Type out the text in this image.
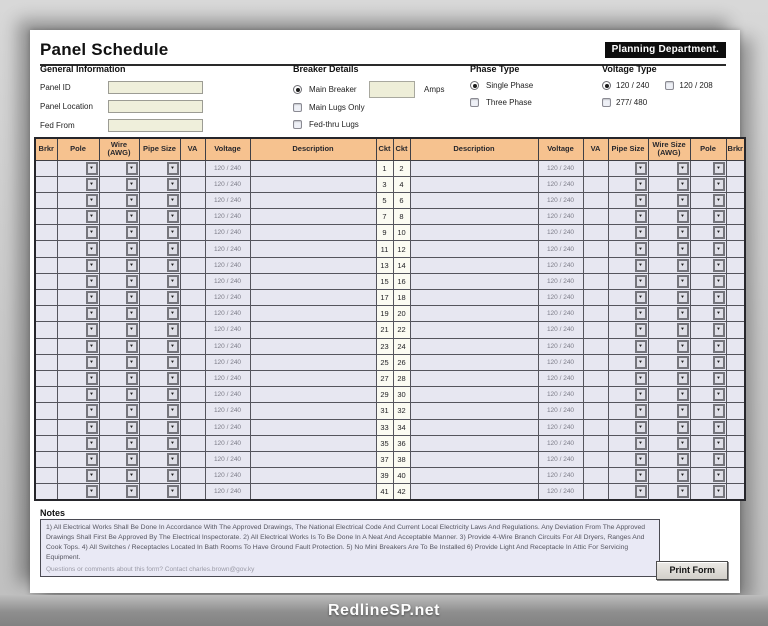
Panel Schedule	Planning Department.
General Information
Panel ID
Panel Location
Fed From
Breaker Details
Main Breaker	Amps
Main Lugs Only
Fed-thru Lugs
Phase Type
Single Phase
Three Phase
Voltage Type
120 / 240	120 / 208
277/ 480
Brkr	Pole	Wire (AWG)	Pipe Size	VA	Voltage	Description	Ckt	Ckt	Description	Voltage	VA	Pipe Size	Wire Size (AWG)	Pole	Brkr

	▼	▼	▼		120 / 240		1	2		120 / 240		▼	▼	▼	

	▼	▼	▼		120 / 240		3	4		120 / 240		▼	▼	▼	

	▼	▼	▼		120 / 240		5	6		120 / 240		▼	▼	▼	

	▼	▼	▼		120 / 240		7	8		120 / 240		▼	▼	▼	

	▼	▼	▼		120 / 240		9	10		120 / 240		▼	▼	▼	

	▼	▼	▼		120 / 240		11	12		120 / 240		▼	▼	▼	

	▼	▼	▼		120 / 240		13	14		120 / 240		▼	▼	▼	

	▼	▼	▼		120 / 240		15	16		120 / 240		▼	▼	▼	

	▼	▼	▼		120 / 240		17	18		120 / 240		▼	▼	▼	

	▼	▼	▼		120 / 240		19	20		120 / 240		▼	▼	▼	

	▼	▼	▼		120 / 240		21	22		120 / 240		▼	▼	▼	

	▼	▼	▼		120 / 240		23	24		120 / 240		▼	▼	▼	

	▼	▼	▼		120 / 240		25	26		120 / 240		▼	▼	▼	

	▼	▼	▼		120 / 240		27	28		120 / 240		▼	▼	▼	

	▼	▼	▼		120 / 240		29	30		120 / 240		▼	▼	▼	

	▼	▼	▼		120 / 240		31	32		120 / 240		▼	▼	▼	

	▼	▼	▼		120 / 240		33	34		120 / 240		▼	▼	▼	

	▼	▼	▼		120 / 240		35	36		120 / 240		▼	▼	▼	

	▼	▼	▼		120 / 240		37	38		120 / 240		▼	▼	▼	

	▼	▼	▼		120 / 240		39	40		120 / 240		▼	▼	▼	

	▼	▼	▼		120 / 240		41	42		120 / 240		▼	▼	▼	

Notes
1) All Electrical Works Shall Be Done In Accordance With The Approved Drawings, The National Electrical Code And Current Local Electricity Laws And Regulations. Any Deviation From The Approved Drawings Shall First Be Approved By The Electrical Inspectorate. 2) All Electrical Works Is To Be Done In A Neat And Acceptable Manner. 3) Provide 4-Wire Branch Circuits For All Dryers, Ranges And Cook Tops. 4) All Switches / Receptacles Located In Bath Rooms To Have Ground Fault Protection. 5) No Mini Breakers Are To Be Installed 6) Provide Light And Receptacle In Attic For Servicing Equipment.
Questions or comments about this form? Contact charles.brown@gov.ky	Print Form
RedlineSP.net
